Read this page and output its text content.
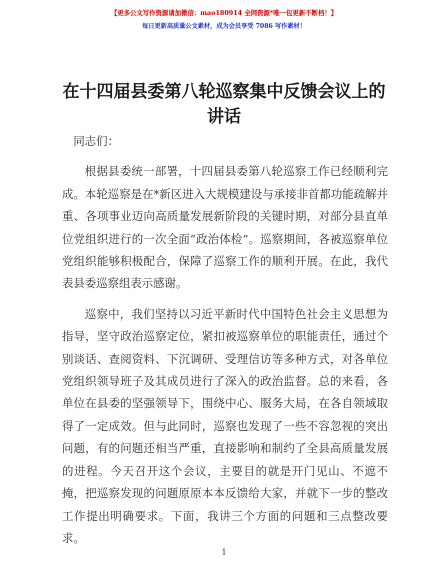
【更多公文写作资源请加微信：mao180914 全网资源*唯一包更新不断档！】
每日更新高质量公文素材，成为会员享受 7086 写作素材！
在十四届县委第八轮巡察集中反馈会议上的讲话

同志们：

根据县委统一部署，十四届县委第八轮巡察工作已经顺利完成。本轮巡察是在*新区进入大规模建设与承接非首都功能疏解并重、各项事业迈向高质量发展新阶段的关键时期，对部分县直单位党组织进行的一次全面“政治体检”。巡察期间，各被巡察单位党组织能够积极配合，保障了巡察工作的顺利开展。在此，我代表县委巡察组表示感谢。

巡察中，我们坚持以习近平新时代中国特色社会主义思想为指导，坚守政治巡察定位，紧扣被巡察单位的职能责任，通过个别谈话、查阅资料、下沉调研、受理信访等多种方式，对各单位党组织领导班子及其成员进行了深入的政治监督。总的来看，各单位在县委的坚强领导下，围绕中心、服务大局，在各自领域取得了一定成效。但与此同时，巡察也发现了一些不容忽视的突出问题，有的问题还相当严重，直接影响和制约了全县高质量发展的进程。今天召开这个会议，主要目的就是开门见山、不遮不掩，把巡察发现的问题原原本本反馈给大家，并就下一步的整改工作提出明确要求。下面，我讲三个方面的问题和三点整改要求。

1
